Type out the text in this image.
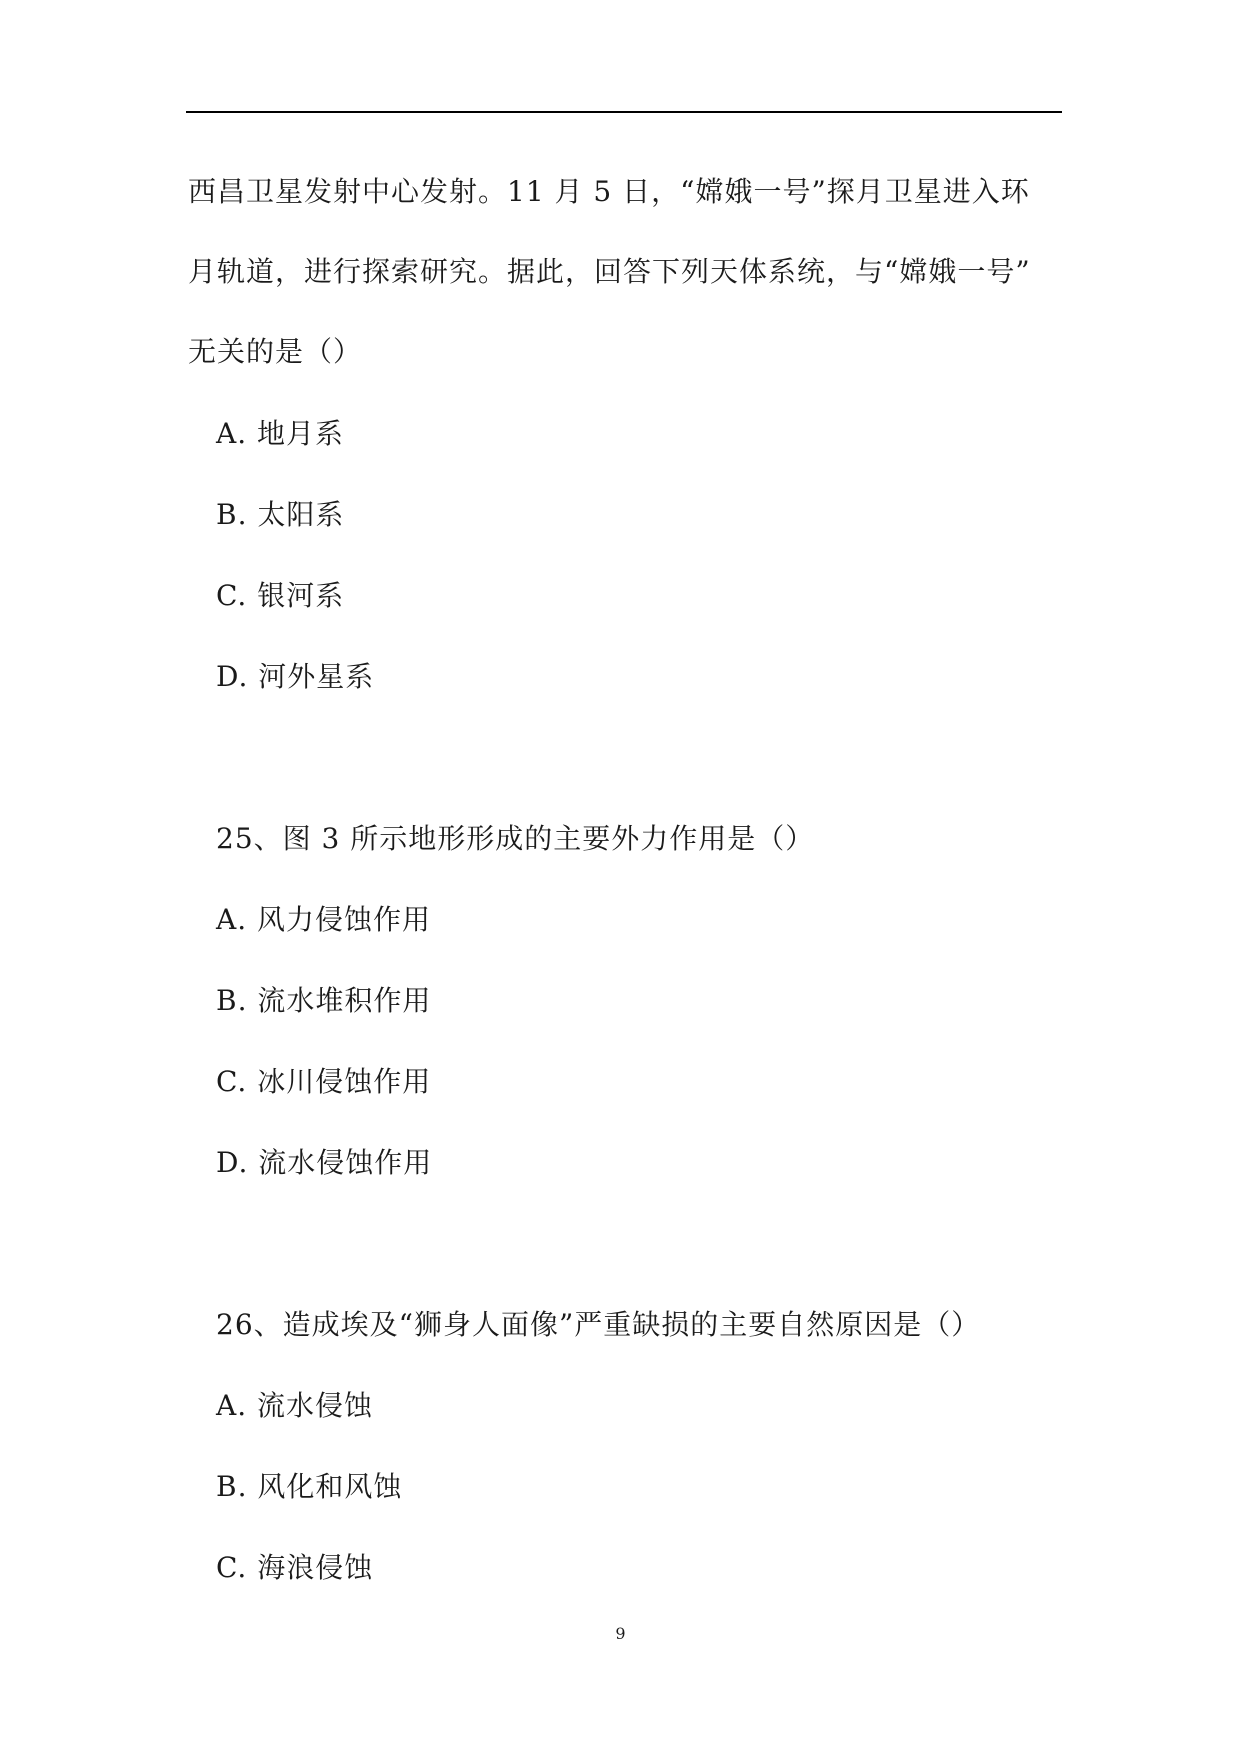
西昌卫星发射中心发射。11 月 5 日，“嫦娥一号”探月卫星进入环
月轨道，进行探索研究。据此，回答下列天体系统，与“嫦娥一号”
无关的是（）
A. 地月系
B. 太阳系
C. 银河系
D. 河外星系
25、图 3 所示地形形成的主要外力作用是（）
A. 风力侵蚀作用
B. 流水堆积作用
C. 冰川侵蚀作用
D. 流水侵蚀作用
26、造成埃及“狮身人面像”严重缺损的主要自然原因是（）
A. 流水侵蚀
B. 风化和风蚀
C. 海浪侵蚀
9
